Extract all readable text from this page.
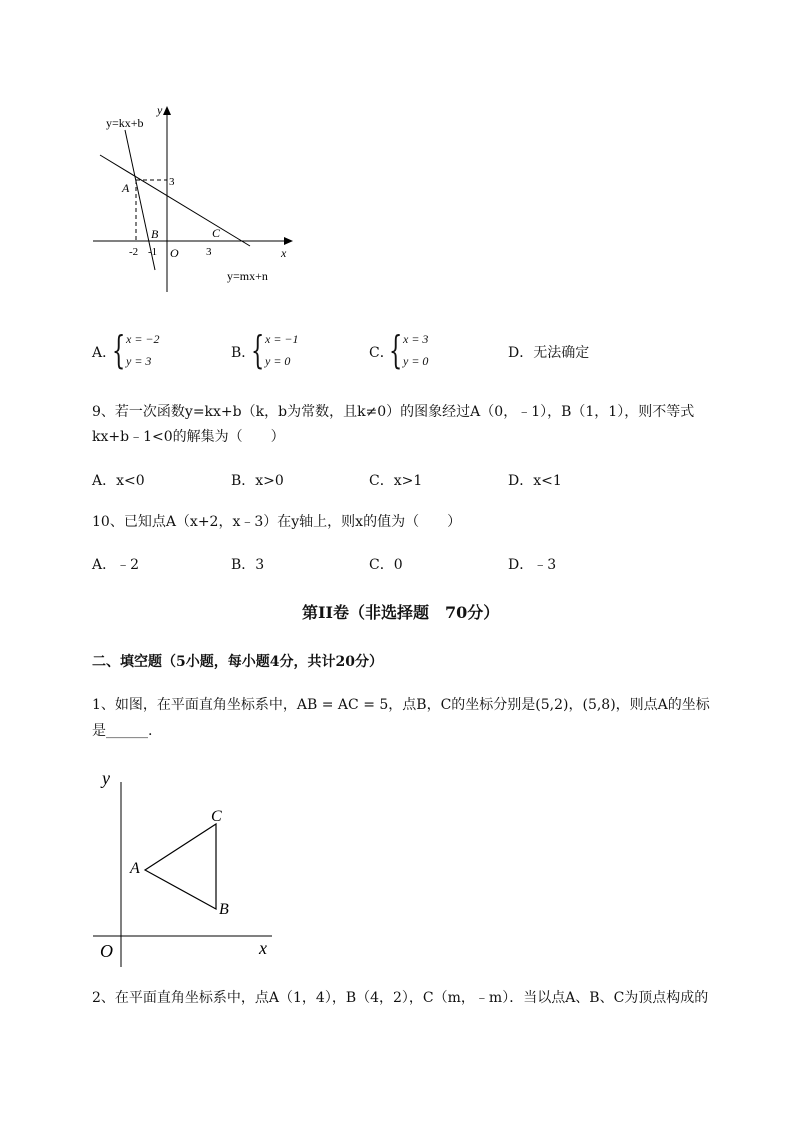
y=kx+b
y=mx+n
y
x
O
A
B	C
-2 -1	3
3
A．
{ x = −2
y = 3	B．
{ x = −1
y = 0	C．
{ x = 3
y = 0	D．无法确定
9、若一次函数y=kx+b（k，b为常数，且k≠0）的图象经过A（0，﹣1），B（1，1），则不等式
kx+b﹣1<0的解集为（　　）
A．x<0	B．x>0	C．x>1	D．x<1
10、已知点A（x+2，x﹣3）在y轴上，则x的值为（　　）
A．﹣2	B．3	C．0	D．﹣3
第II卷（非选择题　70分）
二、填空题（5小题，每小题4分，共计20分）
1、如图，在平面直角坐标系中，AB = AC = 5，点B，C的坐标分别是(5,2)，(5,8)，则点A的坐标
是______.
y
x
O
A
B
C
2、在平面直角坐标系中，点A（1，4），B（4，2），C（m，﹣m）．当以点A、B、C为顶点构成的
